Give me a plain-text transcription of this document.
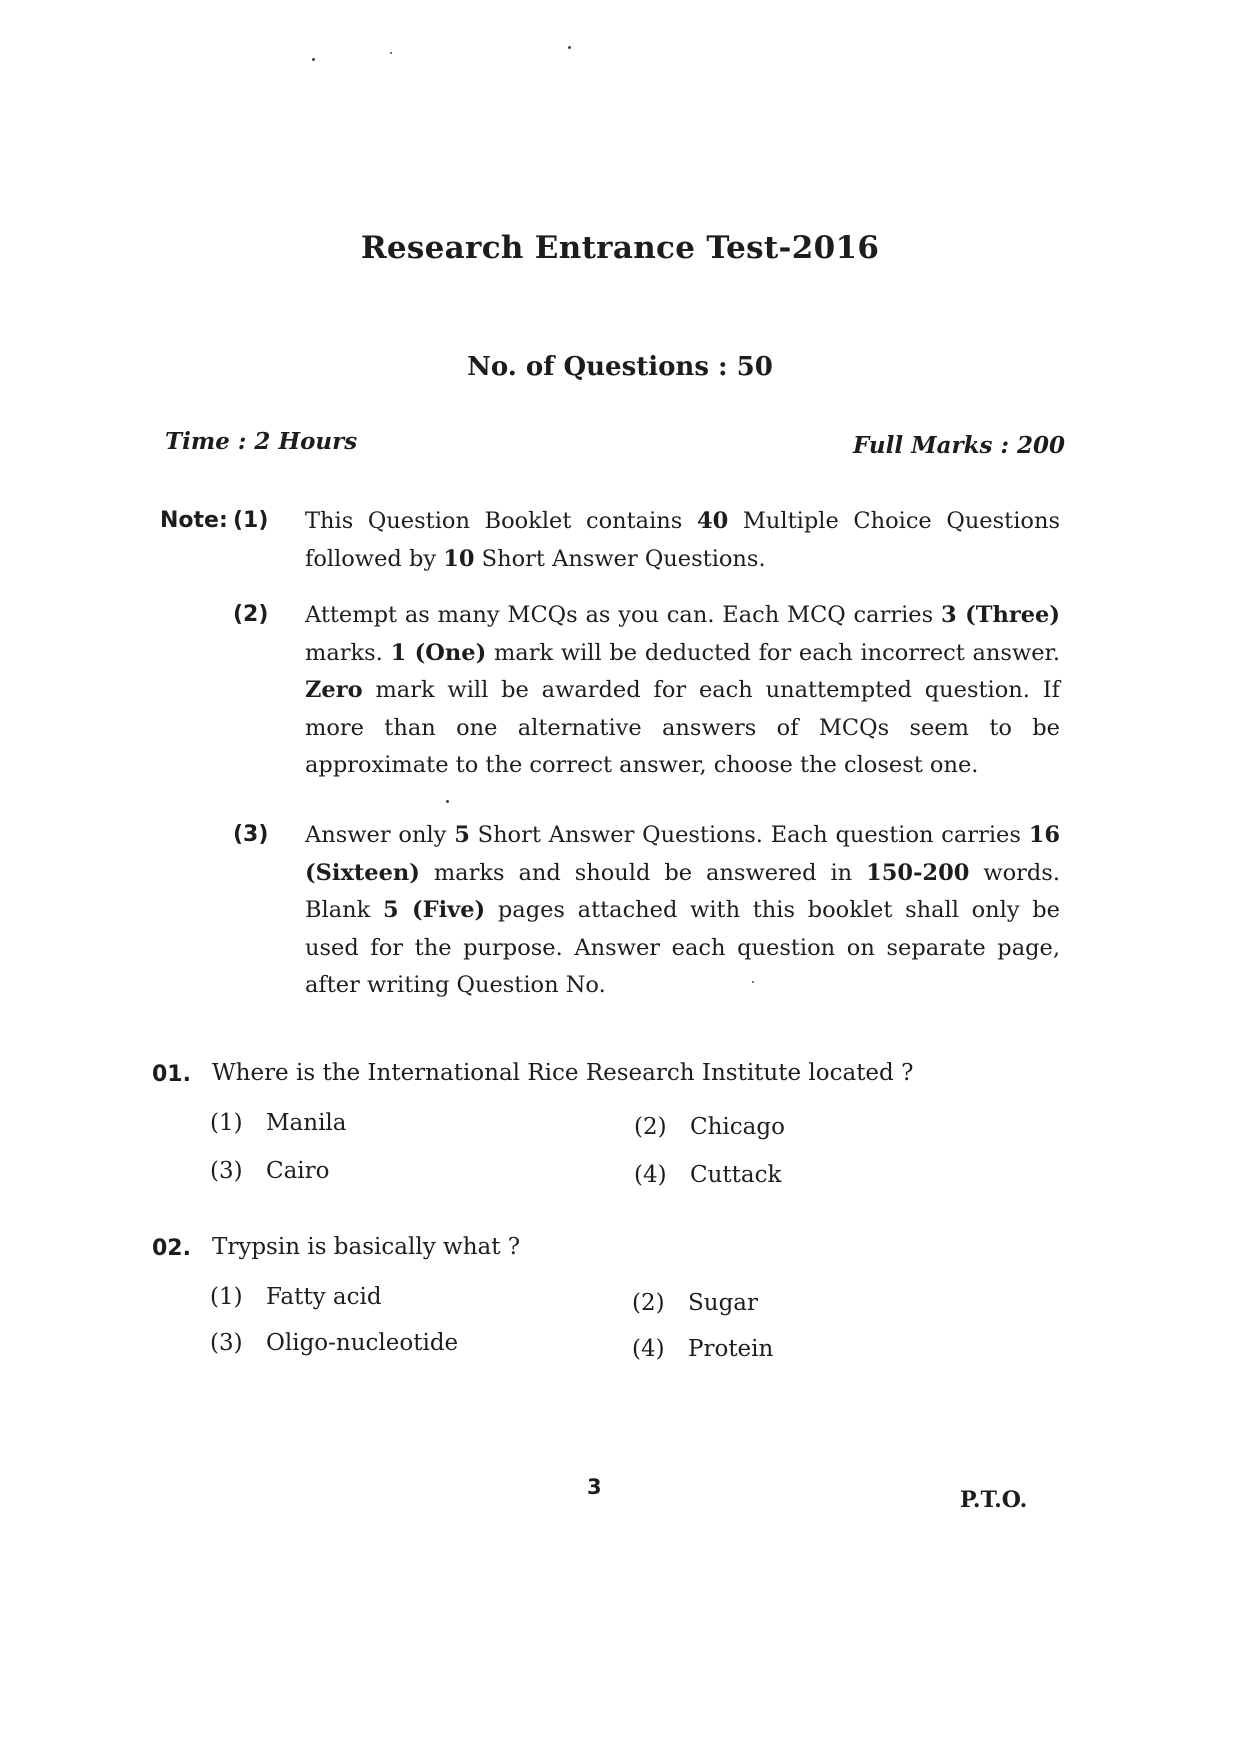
Research Entrance Test-2016
No. of Questions : 50
Time : 2 Hours	Full Marks : 200
Note: (1) This Question Booklet contains 40 Multiple Choice Questions followed by 10 Short Answer Questions.
(2) Attempt as many MCQs as you can. Each MCQ carries 3 (Three) marks. 1 (One) mark will be deducted for each incorrect answer. Zero mark will be awarded for each unattempted question. If more than one alternative answers of MCQs seem to be approximate to the correct answer, choose the closest one.
(3) Answer only 5 Short Answer Questions. Each question carries 16 (Sixteen) marks and should be answered in 150-200 words. Blank 5 (Five) pages attached with this booklet shall only be used for the purpose. Answer each question on separate page, after writing Question No.
01. Where is the International Rice Research Institute located ?
(1) Manila	(2) Chicago
(3) Cairo	(4) Cuttack
02. Trypsin is basically what ?
(1) Fatty acid	(2) Sugar
(3) Oligo-nucleotide	(4) Protein
3	P.T.O.
